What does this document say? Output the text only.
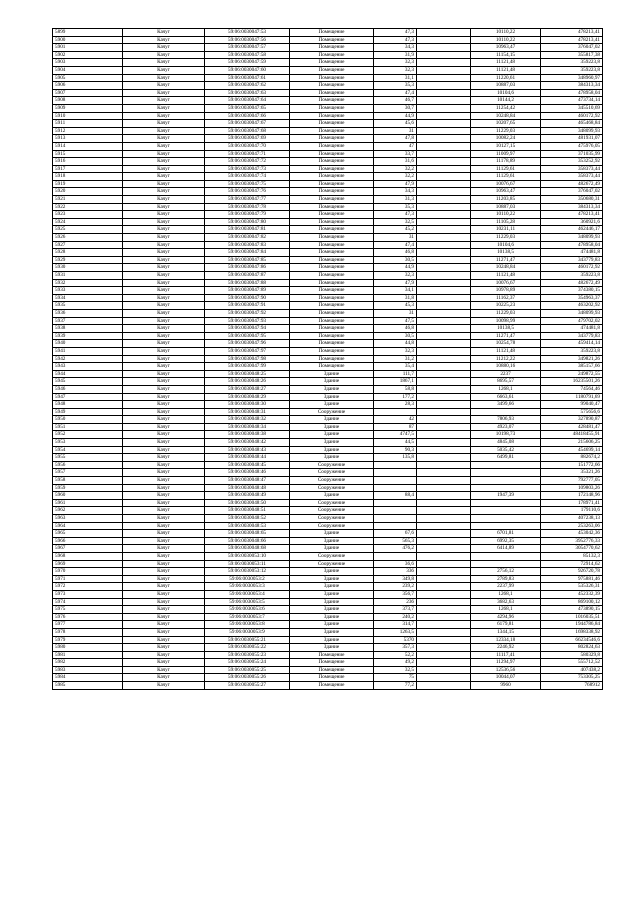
5899	Качуг	59:06:0030047:53	Помещение	47,3		10110,22	478213,41
5900	Качуг	59:06:0030047:56	Помещение	47,3		10110,22	478213,41
5901	Качуг	59:06:0030047:57	Помещение	34,3		10963,47	376047,02
5902	Качуг	59:06:0030047:58	Помещение	31,9		11154,15	355817,38
5903	Качуг	59:06:0030047:59	Помещение	32,3		11121,48	359223,8
5904	Качуг	59:06:0030047:60	Помещение	32,3		11121,48	359223,8
5905	Качуг	59:06:0030047:61	Помещение	31,1		11220,61	348960,97
5906	Качуг	59:06:0030047:62	Помещение	35,3		10887,03	384313,34
5907	Качуг	59:06:0030047:63	Помещение	47,4		10104,6	478958,04
5908	Качуг	59:06:0030047:64	Помещение	46,7		10144,2	473734,14
5909	Качуг	59:06:0030047:65	Помещение	30,7		11254,42	345510,69
5910	Качуг	59:06:0030047:66	Помещение	44,9		10248,84	460172,92
5911	Качуг	59:06:0030047:67	Помещение	45,6		10207,65	465468,84
5912	Качуг	59:06:0030047:68	Помещение	31		11229,03	348099,93
5913	Качуг	59:06:0030047:69	Помещение	47,8		10082,24	481931,07
5914	Качуг	59:06:0030047:70	Помещение	47		10127,15	475976,05
5915	Качуг	59:06:0030047:71	Помещение	33,7		11009,97	371035,99
5916	Качуг	59:06:0030047:72	Помещение	31,6		11178,89	353252,92
5917	Качуг	59:06:0030047:73	Помещение	32,2		11129,61	358373,44
5918	Качуг	59:06:0030047:74	Помещение	32,2		11129,61	358373,44
5919	Качуг	59:06:0030047:75	Помещение	47,9		10076,67	482672,49
5920	Качуг	59:06:0030047:76	Помещение	34,3		10963,47	376047,02
5921	Качуг	59:06:0030047:77	Помещение	31,3		11203,85	350680,31
5922	Качуг	59:06:0030047:78	Помещение	35,3		10887,03	384313,34
5923	Качуг	59:06:0030047:79	Помещение	47,3		10110,22	478213,41
5924	Качуг	59:06:0030047:80	Помещение	32,5		11105,28	360921,6
5925	Качуг	59:06:0030047:81	Помещение	45,2		10231,11	462446,17
5926	Качуг	59:06:0030047:82	Помещение	31		11229,03	348099,93
5927	Качуг	59:06:0030047:83	Помещение	47,4		10104,6	478958,04
5928	Качуг	59:06:0030047:84	Помещение	46,8		10138,5	474481,8
5929	Качуг	59:06:0030047:85	Помещение	30,5		11271,47	343779,83
5930	Качуг	59:06:0030047:86	Помещение	44,9		10248,84	460172,92
5931	Качуг	59:06:0030047:87	Помещение	32,3		11121,48	359223,8
5932	Качуг	59:06:0030047:88	Помещение	47,9		10076,67	482672,49
5933	Качуг	59:06:0030047:89	Помещение	34,1		10978,89	374380,15
5934	Качуг	59:06:0030047:90	Помещение	31,8		11162,37	354963,37
5935	Качуг	59:06:0030047:91	Помещение	45,3		10225,23	463202,92
5936	Качуг	59:06:0030047:92	Помещение	31		11229,03	348099,93
5937	Качуг	59:06:0030047:93	Помещение	47,5		10098,99	479702,02
5938	Качуг	59:06:0030047:94	Помещение	46,8		10138,5	474481,8
5939	Качуг	59:06:0030047:95	Помещение	30,5		11271,47	343779,83
5940	Качуг	59:06:0030047:96	Помещение	44,8		10254,78	459414,14
5941	Качуг	59:06:0030047:97	Помещение	32,3		11121,48	359223,8
5942	Качуг	59:06:0030047:98	Помещение	31,2		11212,22	349821,26
5943	Качуг	59:06:0030047:99	Помещение	35,4		10880,16	385157,66
5944	Качуг	59:06:0030048:25	Здание	111,7		2237	249872,55
5945	Качуг	59:06:0030048:26	Здание	1867,1		8695,57	16235501,26
5946	Качуг	59:06:0030048:27	Здание	58,8		1268,1	74564,46
5947	Качуг	59:06:0030048:29	Здание	177,2		6663,61	1180791,69
5948	Качуг	59:06:0030048:30	Здание	28,3		3499,66	99040,47
5949	Качуг	59:06:0030048:31	Сооружение				575656,6
5950	Качуг	59:06:0030048:32	Здание	42		7806,93	327890,87
5951	Качуг	59:06:0030048:34	Здание	87		4923,07	428481,47
5952	Качуг	59:06:0030048:38	Здание	4747,5		10198,73	48418455,91
5953	Качуг	59:06:0030048:42	Здание	44,5		4845,08	215606,25
5954	Качуг	59:06:0030048:43	Здание	90,3		5035,42	454699,14
5955	Качуг	59:06:0030048:44	Здание	135,8		6499,81	882674,2
5956	Качуг	59:06:0030048:45	Сооружение				151772,66
5957	Качуг	59:06:0030048:46	Сооружение				35321,26
5958	Качуг	59:06:0030048:47	Сооружение				792777,05
5959	Качуг	59:06:0030048:48	Сооружение				109803,26
5960	Качуг	59:06:0030048:49	Здание	88,4		1947,39	172148,96
5961	Качуг	59:06:0030048:50	Сооружение				178971,41
5962	Качуг	59:06:0030048:51	Сооружение				179110,6
5963	Качуг	59:06:0030048:52	Сооружение				407238,13
5964	Качуг	59:06:0030048:53	Сооружение				253263,06
5965	Качуг	59:06:0030048:65	Здание	67,6		6701,81	453042,36
5966	Качуг	59:06:0030048:66	Здание	565,3		6992,35	3952776,33
5967	Качуг	59:06:0030048:68	Здание	476,2		6414,89	3054770,62
5968	Качуг	59:06:0030053:10	Сооружение				85132,3
5969	Качуг	59:06:0030053:11	Сооружение	36,6			72914,62
5970	Качуг	59:06:0030053:12	Здание	336		2756,12	926720,78
5971	Качуг	59:06:0030053:2	Здание	349,8		2789,83	975881,46
5972	Качуг	59:06:0030053:3	Здание	239,2		2237,99	535326,31
5973	Качуг	59:06:0030053:4	Здание	356,7		1268,1	452332,39
5974	Качуг	59:06:0030053:5	Здание	236		3682,63	869100,12
5975	Качуг	59:06:0030053:6	Здание	373,7		1268,1	473890,15
5976	Качуг	59:06:0030053:7	Здание	240,2		4294,96	1016035,51
5977	Качуг	59:06:0030053:8	Здание	314,7		6179,81	1944786,84
5978	Качуг	59:06:0030053:9	Здание	1263,5		1344,15	1698338,92
5979	Качуг	59:06:0030055:21	Здание	5370		12334,18	66234546,6
5980	Качуг	59:06:0030055:22	Здание	357,3		2246,92	802824,63
5981	Качуг	59:06:0030055:23	Помещение	52,2		11117,41	580329,8
5982	Качуг	59:06:0030055:24	Помещение	49,2		11294,97	555712,52
5983	Качуг	59:06:0030055:25	Помещение	32,5		12536,56	407438,2
5984	Качуг	59:06:0030055:26	Помещение	75		10044,07	753305,25
5985	Качуг	59:06:0030055:27	Помещение	77,2		9960	768912
